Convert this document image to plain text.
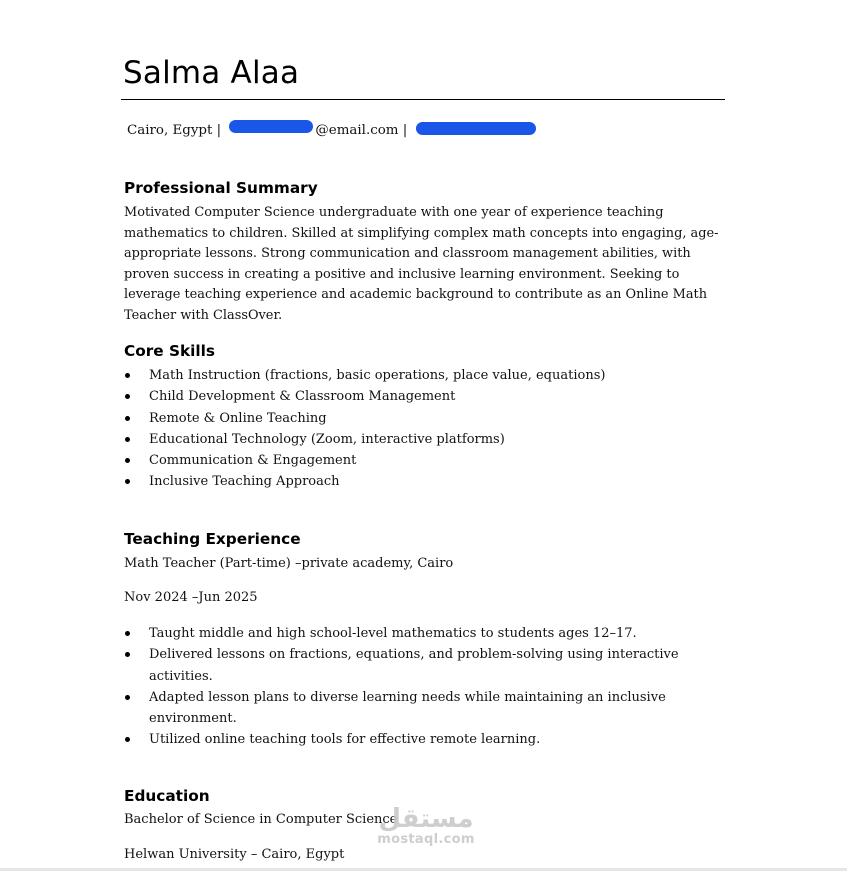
Salma Alaa
Cairo, Egypt |	@email.com |
Professional Summary
Motivated Computer Science undergraduate with one year of experience teaching mathematics to children. Skilled at simplifying complex math concepts into engaging, age-appropriate lessons. Strong communication and classroom management abilities, with proven success in creating a positive and inclusive learning environment. Seeking to leverage teaching experience and academic background to contribute as an Online Math Teacher with ClassOver.
Core Skills
Math Instruction (fractions, basic operations, place value, equations)
Child Development & Classroom Management
Remote & Online Teaching
Educational Technology (Zoom, interactive platforms)
Communication & Engagement
Inclusive Teaching Approach
Teaching Experience
Math Teacher (Part-time) –private academy, Cairo
Nov 2024 –Jun 2025
Taught middle and high school-level mathematics to students ages 12–17.
Delivered lessons on fractions, equations, and problem-solving using interactive activities.
Adapted lesson plans to diverse learning needs while maintaining an inclusive environment.
Utilized online teaching tools for effective remote learning.
Education
Bachelor of Science in Computer Science
Helwan University – Cairo, Egypt
مستقل
mostaql.com
